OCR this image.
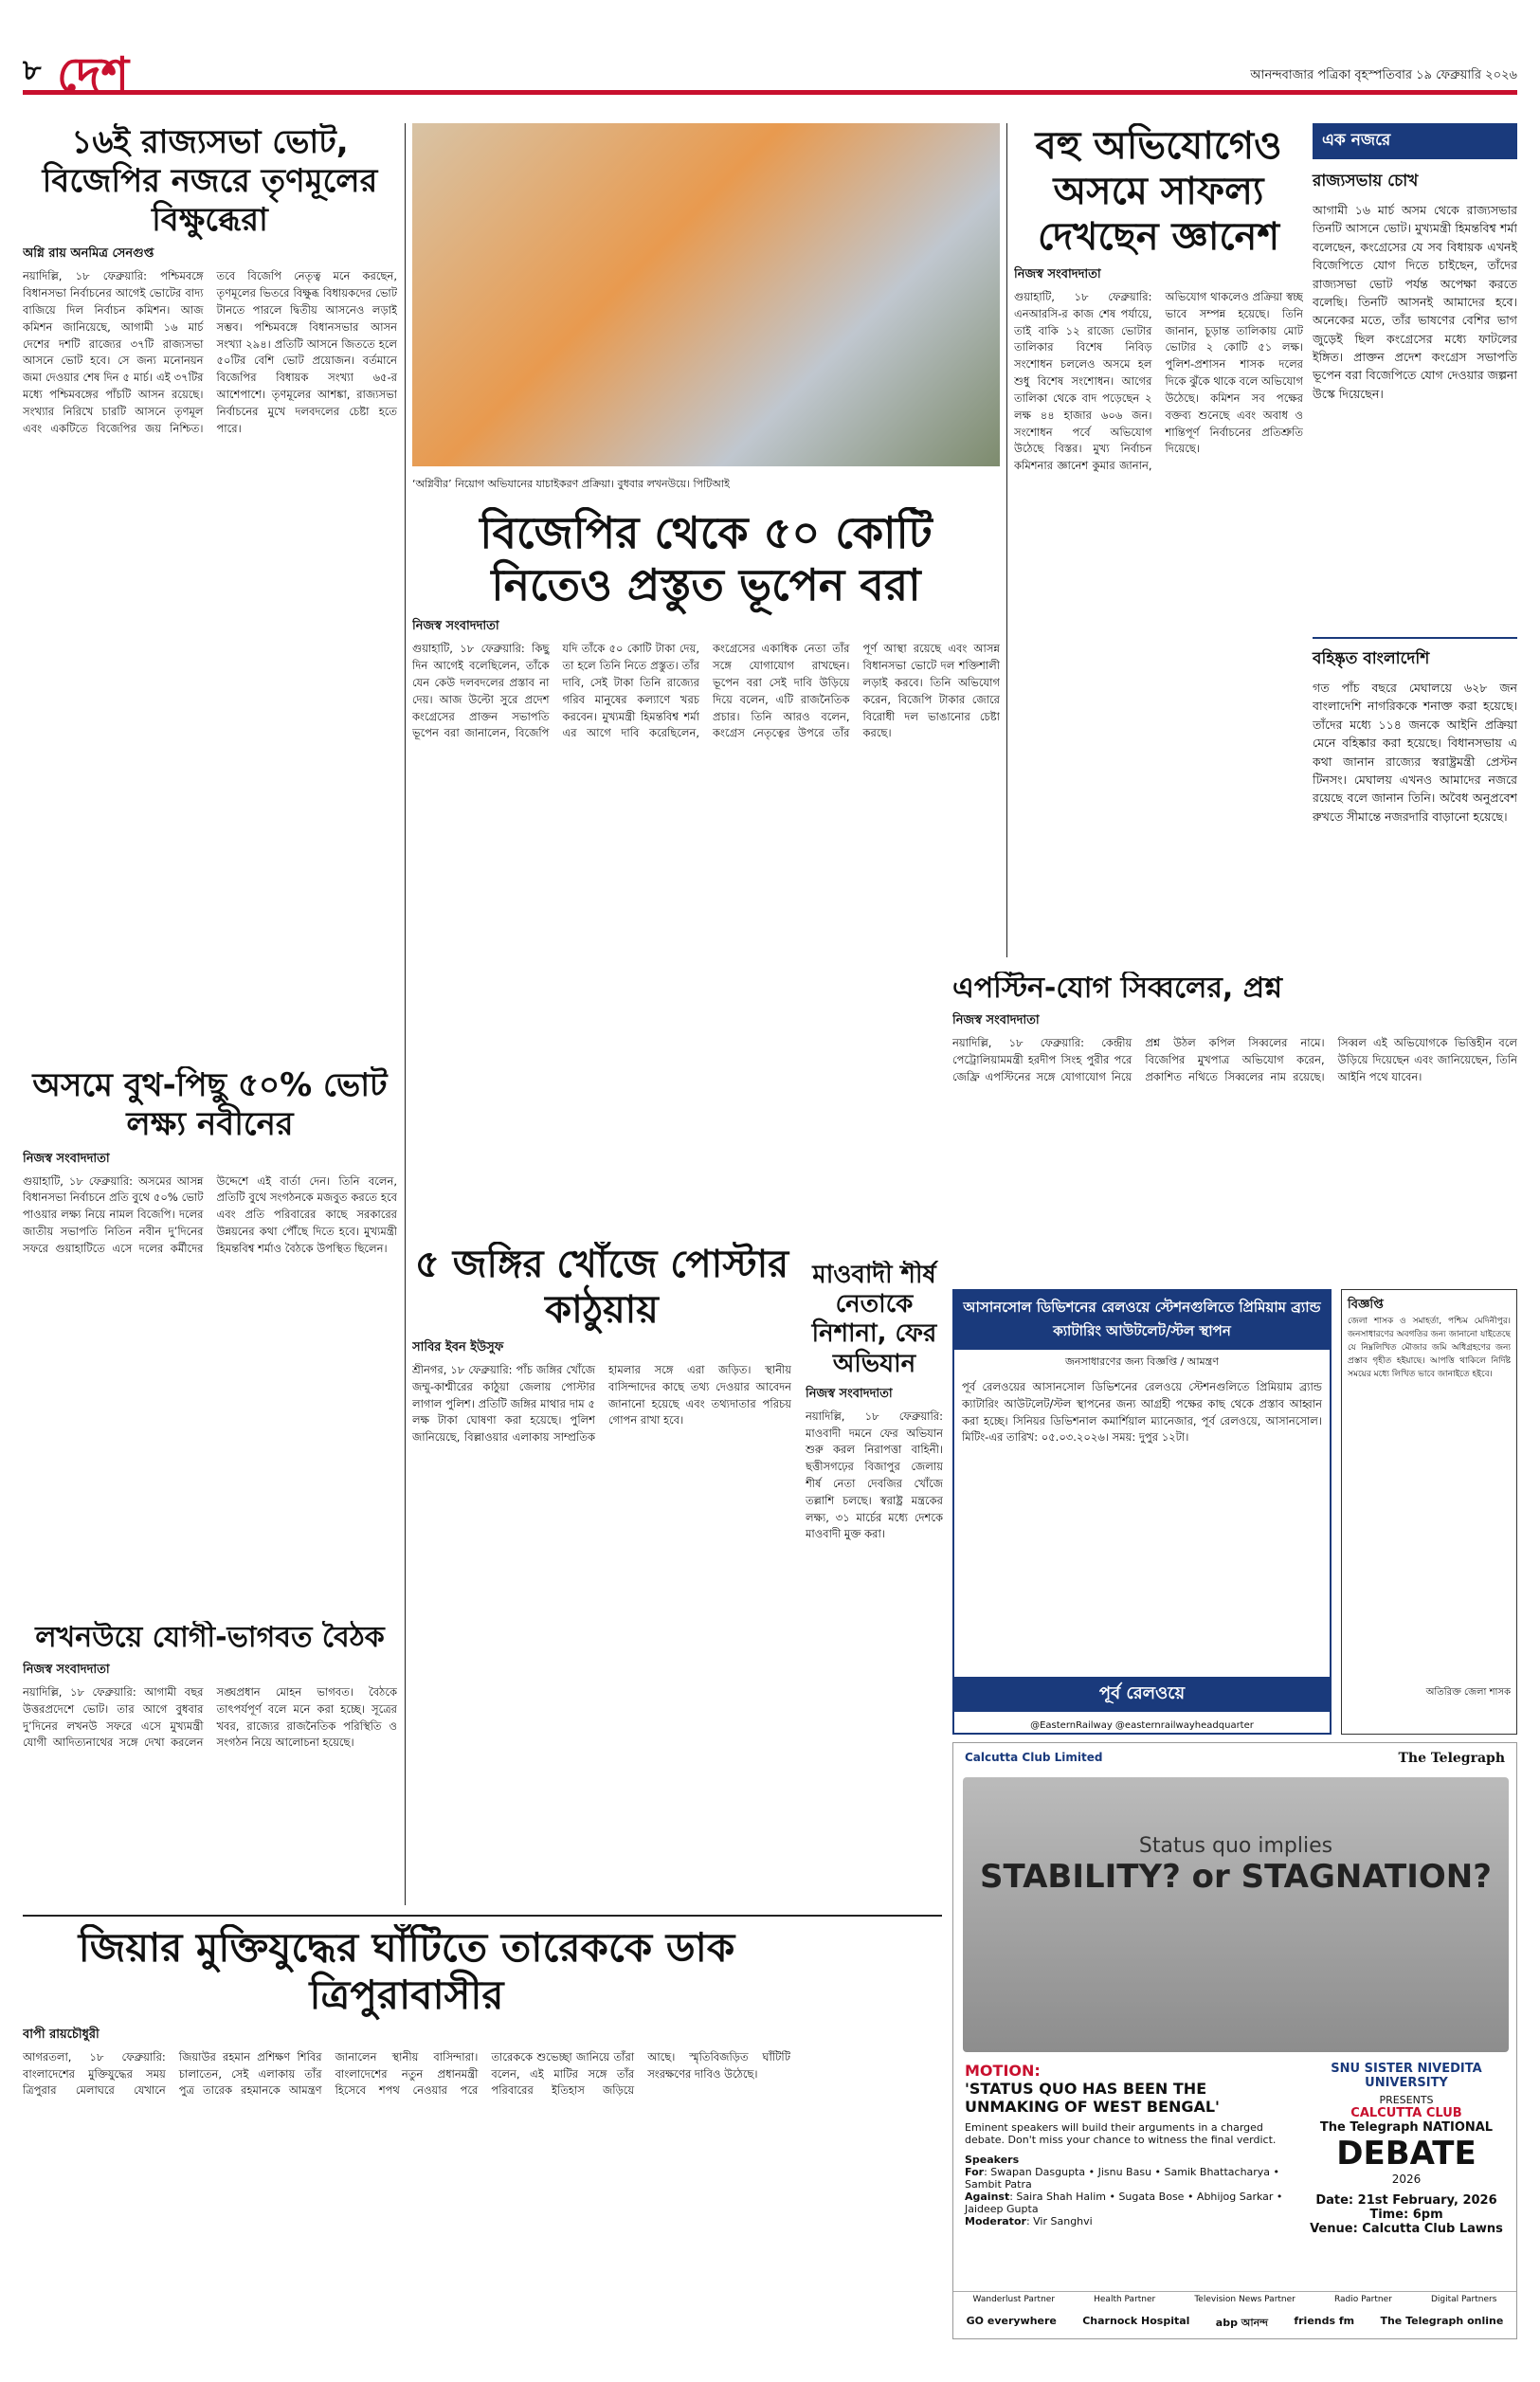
৮ দেশ	আনন্দবাজার পত্রিকা বৃহস্পতিবার ১৯ ফেব্রুয়ারি ২০২৬
১৬ই রাজ্যসভা ভোট, বিজেপির নজরে তৃণমূলের বিক্ষুব্ধেরা
অগ্নি রায় অনমিত্র সেনগুপ্ত
নয়াদিল্লি, ১৮ ফেব্রুয়ারি: পশ্চিমবঙ্গে বিধানসভা নির্বাচনের আগেই ভোটের বাদ্য বাজিয়ে দিল নির্বাচন কমিশন। আজ কমিশন জানিয়েছে, আগামী ১৬ মার্চ দেশের দশটি রাজ্যের ৩৭টি রাজ্যসভা আসনে ভোট হবে। সে জন্য মনোনয়ন জমা দেওয়ার শেষ দিন ৫ মার্চ। এই ৩৭টির মধ্যে পশ্চিমবঙ্গের পাঁচটি আসন রয়েছে। সংখ্যার নিরিখে চারটি আসনে তৃণমূল এবং একটিতে বিজেপির জয় নিশ্চিত। তবে বিজেপি নেতৃত্ব মনে করছেন, তৃণমূলের ভিতরে বিক্ষুব্ধ বিধায়কদের ভোট টানতে পারলে দ্বিতীয় আসনেও লড়াই সম্ভব। পশ্চিমবঙ্গে বিধানসভার আসন সংখ্যা ২৯৪। প্রতিটি আসনে জিততে হলে ৫০টির বেশি ভোট প্রয়োজন। বর্তমানে বিজেপির বিধায়ক সংখ্যা ৬৫-র আশেপাশে। তৃণমূলের আশঙ্কা, রাজ্যসভা নির্বাচনের মুখে দলবদলের চেষ্টা হতে পারে।
‘অগ্নিবীর’ নিয়োগ অভিযানের যাচাইকরণ প্রক্রিয়া। বুধবার লখনউয়ে। পিটিআই
বিজেপির থেকে ৫০ কোটি নিতেও প্রস্তুত ভূপেন বরা
নিজস্ব সংবাদদাতা
গুয়াহাটি, ১৮ ফেব্রুয়ারি: কিছু দিন আগেই বলেছিলেন, তাঁকে যেন কেউ দলবদলের প্রস্তাব না দেয়। আজ উল্টো সুরে প্রদেশ কংগ্রেসের প্রাক্তন সভাপতি ভূপেন বরা জানালেন, বিজেপি যদি তাঁকে ৫০ কোটি টাকা দেয়, তা হলে তিনি নিতে প্রস্তুত। তাঁর দাবি, সেই টাকা তিনি রাজ্যের গরিব মানুষের কল্যাণে খরচ করবেন। মুখ্যমন্ত্রী হিমন্তবিশ্ব শর্মা এর আগে দাবি করেছিলেন, কংগ্রেসের একাধিক নেতা তাঁর সঙ্গে যোগাযোগ রাখছেন। ভূপেন বরা সেই দাবি উড়িয়ে দিয়ে বলেন, এটি রাজনৈতিক প্রচার। তিনি আরও বলেন, কংগ্রেস নেতৃত্বের উপরে তাঁর পূর্ণ আস্থা রয়েছে এবং আসন্ন বিধানসভা ভোটে দল শক্তিশালী লড়াই করবে। তিনি অভিযোগ করেন, বিজেপি টাকার জোরে বিরোধী দল ভাঙানোর চেষ্টা করছে।
বহু অভিযোগেও অসমে সাফল্য দেখছেন জ্ঞানেশ
নিজস্ব সংবাদদাতা
গুয়াহাটি, ১৮ ফেব্রুয়ারি: এনআরসি-র কাজ শেষ পর্যায়ে, তাই বাকি ১২ রাজ্যে ভোটার তালিকার বিশেষ নিবিড় সংশোধন চললেও অসমে হল শুধু বিশেষ সংশোধন। আগের তালিকা থেকে বাদ পড়েছেন ২ লক্ষ ৪৪ হাজার ৬০৬ জন। সংশোধন পর্বে অভিযোগ উঠেছে বিস্তর। মুখ্য নির্বাচন কমিশনার জ্ঞানেশ কুমার জানান, অভিযোগ থাকলেও প্রক্রিয়া স্বচ্ছ ভাবে সম্পন্ন হয়েছে। তিনি জানান, চূড়ান্ত তালিকায় মোট ভোটার ২ কোটি ৫১ লক্ষ। পুলিশ-প্রশাসন শাসক দলের দিকে ঝুঁকে থাকে বলে অভিযোগ উঠেছে। কমিশন সব পক্ষের বক্তব্য শুনেছে এবং অবাধ ও শান্তিপূর্ণ নির্বাচনের প্রতিশ্রুতি দিয়েছে।
এক নজরে
রাজ্যসভায় চোখ
আগামী ১৬ মার্চ অসম থেকে রাজ্যসভার তিনটি আসনে ভোট। মুখ্যমন্ত্রী হিমন্তবিশ্ব শর্মা বলেছেন, কংগ্রেসের যে সব বিধায়ক এখনই বিজেপিতে যোগ দিতে চাইছেন, তাঁদের রাজ্যসভা ভোট পর্যন্ত অপেক্ষা করতে বলেছি। তিনটি আসনই আমাদের হবে। অনেকের মতে, তাঁর ভাষণের বেশির ভাগ জুড়েই ছিল কংগ্রেসের মধ্যে ফাটলের ইঙ্গিত। প্রাক্তন প্রদেশ কংগ্রেস সভাপতি ভূপেন বরা বিজেপিতে যোগ দেওয়ার জল্পনা উস্কে দিয়েছেন।
বহিষ্কৃত বাংলাদেশি
গত পাঁচ বছরে মেঘালয়ে ৬২৮ জন বাংলাদেশি নাগরিককে শনাক্ত করা হয়েছে। তাঁদের মধ্যে ১১৪ জনকে আইনি প্রক্রিয়া মেনে বহিষ্কার করা হয়েছে। বিধানসভায় এ কথা জানান রাজ্যের স্বরাষ্ট্রমন্ত্রী প্রেস্টন টিনসং। মেঘালয় এখনও আমাদের নজরে রয়েছে বলে জানান তিনি। অবৈধ অনুপ্রবেশ রুখতে সীমান্তে নজরদারি বাড়ানো হয়েছে।
অসমে বুথ-পিছু ৫০% ভোট লক্ষ্য নবীনের
নিজস্ব সংবাদদাতা
গুয়াহাটি, ১৮ ফেব্রুয়ারি: অসমের আসন্ন বিধানসভা নির্বাচনে প্রতি বুথে ৫০% ভোট পাওয়ার লক্ষ্য নিয়ে নামল বিজেপি। দলের জাতীয় সভাপতি নিতিন নবীন দু’দিনের সফরে গুয়াহাটিতে এসে দলের কর্মীদের উদ্দেশে এই বার্তা দেন। তিনি বলেন, প্রতিটি বুথে সংগঠনকে মজবুত করতে হবে এবং প্রতি পরিবারের কাছে সরকারের উন্নয়নের কথা পৌঁছে দিতে হবে। মুখ্যমন্ত্রী হিমন্তবিশ্ব শর্মাও বৈঠকে উপস্থিত ছিলেন।
লখনউয়ে যোগী-ভাগবত বৈঠক
নিজস্ব সংবাদদাতা
নয়াদিল্লি, ১৮ ফেব্রুয়ারি: আগামী বছর উত্তরপ্রদেশে ভোট। তার আগে বুধবার দু’দিনের লখনউ সফরে এসে মুখ্যমন্ত্রী যোগী আদিত্যনাথের সঙ্গে দেখা করলেন সঙ্ঘপ্রধান মোহন ভাগবত। বৈঠকে তাৎপর্যপূর্ণ বলে মনে করা হচ্ছে। সূত্রের খবর, রাজ্যের রাজনৈতিক পরিস্থিতি ও সংগঠন নিয়ে আলোচনা হয়েছে।
৫ জঙ্গির খোঁজে পোস্টার কাঠুয়ায়
সাবির ইবন ইউসুফ
শ্রীনগর, ১৮ ফেব্রুয়ারি: পাঁচ জঙ্গির খোঁজে জম্মু-কাশ্মীরের কাঠুয়া জেলায় পোস্টার লাগাল পুলিশ। প্রতিটি জঙ্গির মাথার দাম ৫ লক্ষ টাকা ঘোষণা করা হয়েছে। পুলিশ জানিয়েছে, বিল্লাওয়ার এলাকায় সাম্প্রতিক হামলার সঙ্গে এরা জড়িত। স্থানীয় বাসিন্দাদের কাছে তথ্য দেওয়ার আবেদন জানানো হয়েছে এবং তথ্যদাতার পরিচয় গোপন রাখা হবে।
মাওবাদী শীর্ষ নেতাকে নিশানা, ফের অভিযান
নিজস্ব সংবাদদাতা
নয়াদিল্লি, ১৮ ফেব্রুয়ারি: মাওবাদী দমনে ফের অভিযান শুরু করল নিরাপত্তা বাহিনী। ছত্তীসগঢ়ের বিজাপুর জেলায় শীর্ষ নেতা দেবজির খোঁজে তল্লাশি চলছে। স্বরাষ্ট্র মন্ত্রকের লক্ষ্য, ৩১ মার্চের মধ্যে দেশকে মাওবাদী মুক্ত করা।
এপস্টিন-যোগ সিব্বলের, প্রশ্ন
নিজস্ব সংবাদদাতা
নয়াদিল্লি, ১৮ ফেব্রুয়ারি: কেন্দ্রীয় পেট্রোলিয়ামমন্ত্রী হরদীপ সিংহ পুরীর পরে জেফ্রি এপস্টিনের সঙ্গে যোগাযোগ নিয়ে প্রশ্ন উঠল কপিল সিব্বলের নামে। বিজেপির মুখপাত্র অভিযোগ করেন, প্রকাশিত নথিতে সিব্বলের নাম রয়েছে। সিব্বল এই অভিযোগকে ভিত্তিহীন বলে উড়িয়ে দিয়েছেন এবং জানিয়েছেন, তিনি আইনি পথে যাবেন।
আসানসোল ডিভিশনের রেলওয়ে স্টেশনগুলিতে প্রিমিয়াম ব্র্যান্ড ক্যাটারিং আউটলেট/স্টল স্থাপন
জনসাধারণের জন্য বিজ্ঞপ্তি / আমন্ত্রণ
পূর্ব রেলওয়ের আসানসোল ডিভিশনের রেলওয়ে স্টেশনগুলিতে প্রিমিয়াম ব্র্যান্ড ক্যাটারিং আউটলেট/স্টল স্থাপনের জন্য আগ্রহী পক্ষের কাছ থেকে প্রস্তাব আহ্বান করা হচ্ছে। সিনিয়র ডিভিশনাল কমার্শিয়াল ম্যানেজার, পূর্ব রেলওয়ে, আসানসোল। মিটিং-এর তারিখ: ০৫.০৩.২০২৬। সময়: দুপুর ১২টা।
পূর্ব রেলওয়ে
@EasternRailway @easternrailwayheadquarter
বিজ্ঞপ্তি
জেলা শাসক ও সমাহর্তা, পশ্চিম মেদিনীপুর। জনসাধারণের অবগতির জন্য জানানো যাইতেছে যে নিম্নলিখিত মৌজার জমি অধিগ্রহণের জন্য প্রস্তাব গৃহীত হইয়াছে। আপত্তি থাকিলে নির্দিষ্ট সময়ের মধ্যে লিখিত ভাবে জানাইতে হইবে।
অতিরিক্ত জেলা শাসক
Calcutta Club Limited	The Telegraph
Status quo implies
STABILITY? or STAGNATION?
MOTION:
'STATUS QUO HAS BEEN THE UNMAKING OF WEST BENGAL'
Eminent speakers will build their arguments in a charged debate. Don't miss your chance to witness the final verdict.
Speakers
For: Swapan Dasgupta • Jisnu Basu • Samik Bhattacharya • Sambit Patra
Against: Saira Shah Halim • Sugata Bose • Abhijog Sarkar • Jaideep Gupta
Moderator: Vir Sanghvi
SNU SISTER NIVEDITA UNIVERSITY
PRESENTS
CALCUTTA CLUB
The Telegraph NATIONAL
DEBATE
2026
Date: 21st February, 2026
Time: 6pm
Venue: Calcutta Club Lawns
Wanderlust Partner	Health Partner	Television News Partner	Radio Partner	Digital Partners
GO everywhere Charnock Hospital abp আনন্দ friends fm The Telegraph online
জিয়ার মুক্তিযুদ্ধের ঘাঁটিতে তারেককে ডাক ত্রিপুরাবাসীর
বাপী রায়চৌধুরী
আগরতলা, ১৮ ফেব্রুয়ারি: বাংলাদেশের মুক্তিযুদ্ধের সময় ত্রিপুরার মেলাঘরে যেখানে জিয়াউর রহমান প্রশিক্ষণ শিবির চালাতেন, সেই এলাকায় তাঁর পুত্র তারেক রহমানকে আমন্ত্রণ জানালেন স্থানীয় বাসিন্দারা। বাংলাদেশের নতুন প্রধানমন্ত্রী হিসেবে শপথ নেওয়ার পরে তারেককে শুভেচ্ছা জানিয়ে তাঁরা বলেন, এই মাটির সঙ্গে তাঁর পরিবারের ইতিহাস জড়িয়ে আছে। স্মৃতিবিজড়িত ঘাঁটিটি সংরক্ষণের দাবিও উঠেছে।
